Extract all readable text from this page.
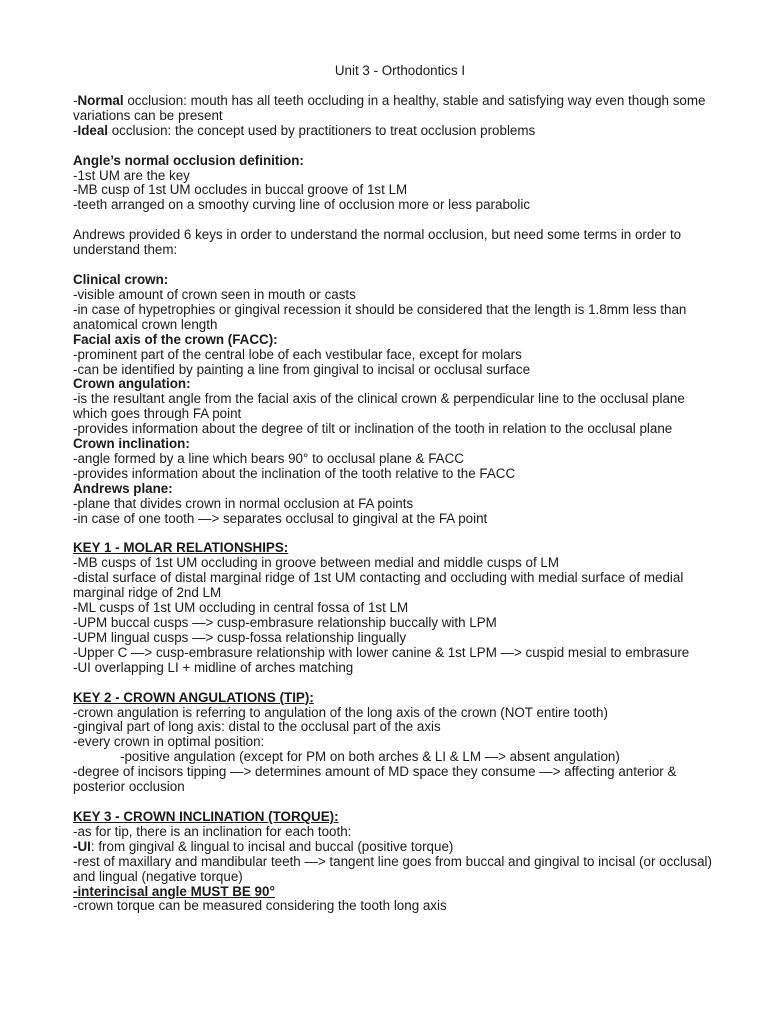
Unit 3 - Orthodontics I
-Normal occlusion: mouth has all teeth occluding in a healthy, stable and satisfying way even though some variations can be present
-Ideal occlusion: the concept used by practitioners to treat occlusion problems
Angle’s normal occlusion definition:
-1st UM are the key
-MB cusp of 1st UM occludes in buccal groove of 1st LM
-teeth arranged on a smoothy curving line of occlusion more or less parabolic
Andrews provided 6 keys in order to understand the normal occlusion, but need some terms in order to understand them:
Clinical crown:
-visible amount of crown seen in mouth or casts
-in case of hypetrophies or gingival recession it should be considered that the length is 1.8mm less than anatomical crown length
Facial axis of the crown (FACC):
-prominent part of the central lobe of each vestibular face, except for molars
-can be identified by painting a line from gingival to incisal or occlusal surface
Crown angulation:
-is the resultant angle from the facial axis of the clinical crown & perpendicular line to the occlusal plane which goes through FA point
-provides information about the degree of tilt or inclination of the tooth in relation to the occlusal plane
Crown inclination:
-angle formed by a line which bears 90° to occlusal plane & FACC
-provides information about the inclination of the tooth relative to the FACC
Andrews plane:
-plane that divides crown in normal occlusion at FA points
-in case of one tooth —> separates occlusal to gingival at the FA point
KEY 1 - MOLAR RELATIONSHIPS:
-MB cusps of 1st UM occluding in groove between medial and middle cusps of LM
-distal surface of distal marginal ridge of 1st UM contacting and occluding with medial surface of medial marginal ridge of 2nd LM
-ML cusps of 1st UM occluding in central fossa of 1st LM
-UPM buccal cusps —> cusp-embrasure relationship buccally with LPM
-UPM lingual cusps —> cusp-fossa relationship lingually
-Upper C —> cusp-embrasure relationship with lower canine & 1st LPM —> cuspid mesial to embrasure
-UI overlapping LI + midline of arches matching
KEY 2 - CROWN ANGULATIONS (TIP):
-crown angulation is referring to angulation of the long axis of the crown (NOT entire tooth)
-gingival part of long axis: distal to the occlusal part of the axis
-every crown in optimal position:
-positive angulation (except for PM on both arches & LI & LM —> absent angulation)
-degree of incisors tipping —> determines amount of MD space they consume —> affecting anterior & posterior occlusion
KEY 3 - CROWN INCLINATION (TORQUE):
-as for tip, there is an inclination for each tooth:
-UI: from gingival & lingual to incisal and buccal (positive torque)
-rest of maxillary and mandibular teeth —> tangent line goes from buccal and gingival to incisal (or occlusal) and lingual (negative torque)
-interincisal angle MUST BE 90°
-crown torque can be measured considering the tooth long axis
